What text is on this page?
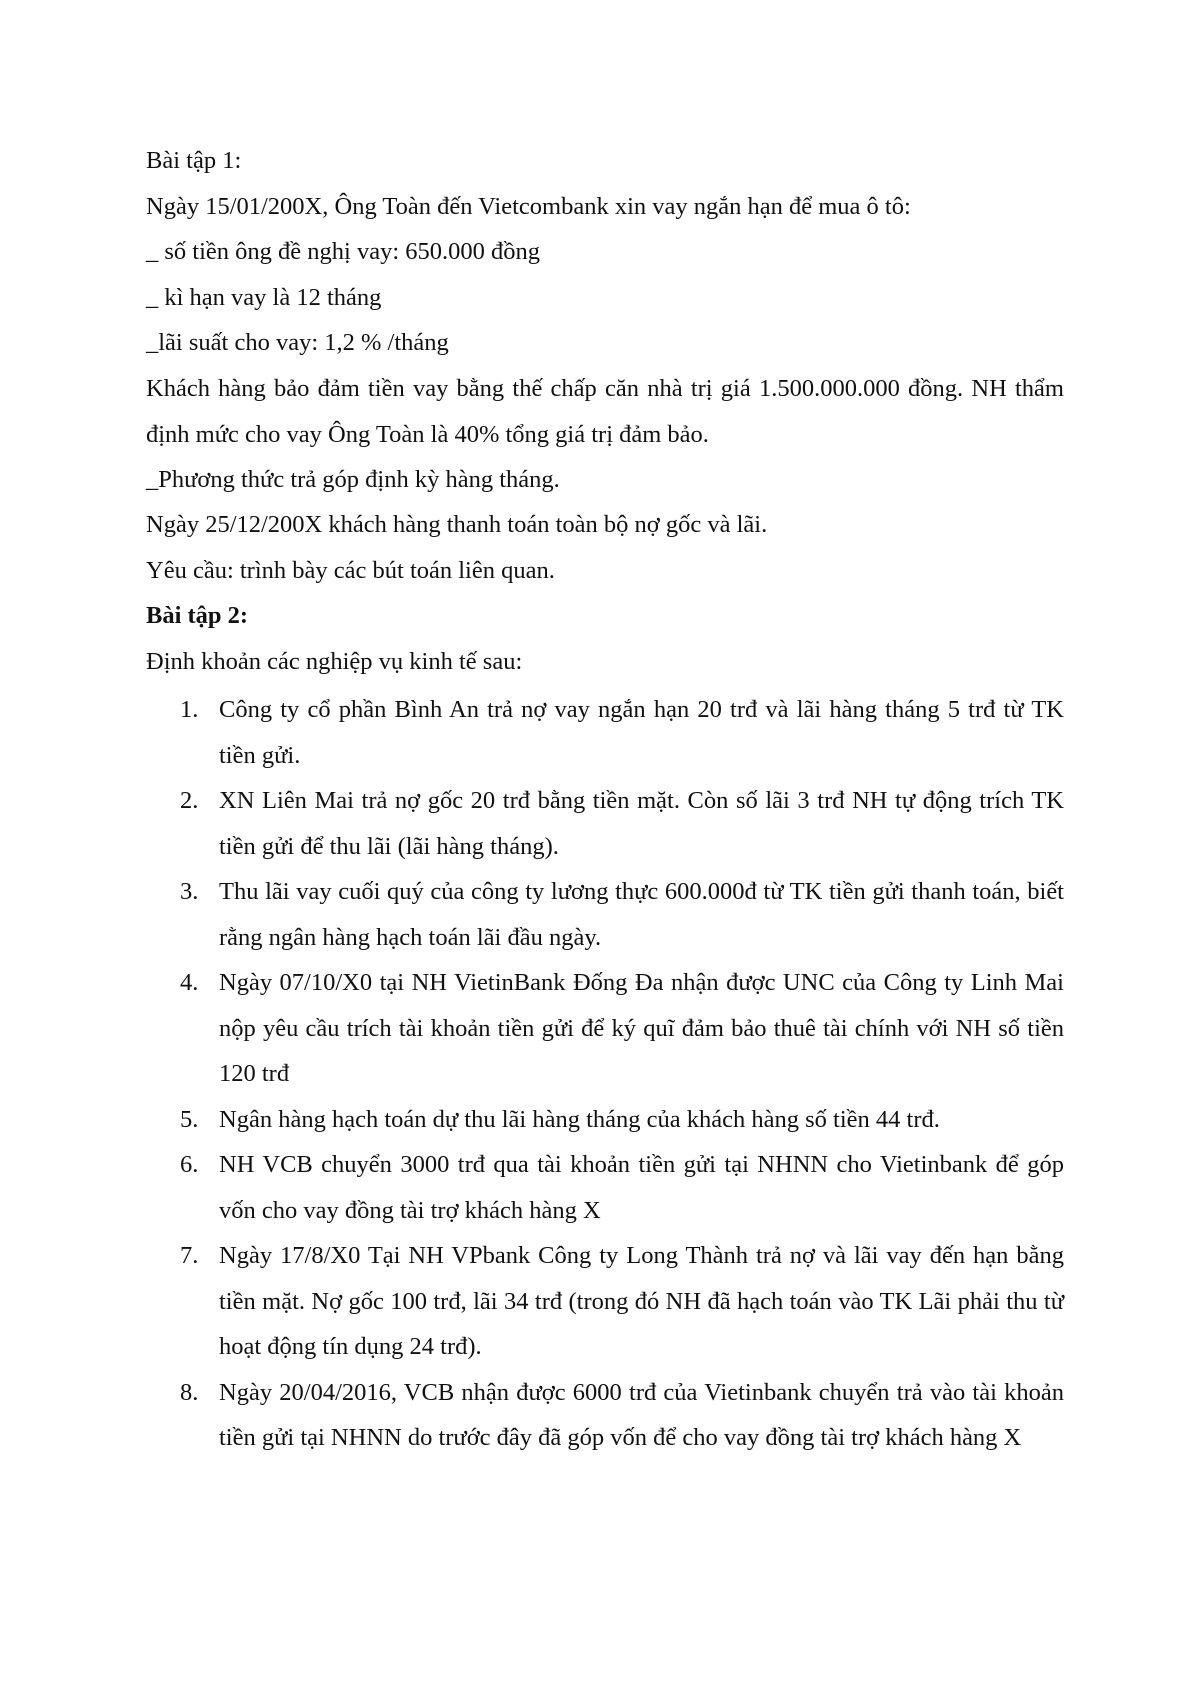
Bài tập 1:
Ngày 15/01/200X, Ông Toàn đến Vietcombank xin vay ngắn hạn để mua ô tô:
_ số tiền ông đề nghị vay: 650.000 đồng
_ kì hạn vay là 12 tháng
_lãi suất cho vay: 1,2 % /tháng
Khách hàng bảo đảm tiền vay bằng thế chấp căn nhà trị giá 1.500.000.000 đồng. NH thẩm định mức cho vay Ông Toàn là 40% tổng giá trị đảm bảo.
_Phương thức trả góp định kỳ hàng tháng.
Ngày 25/12/200X khách hàng thanh toán toàn bộ nợ gốc và lãi.
Yêu cầu: trình bày các bút toán liên quan.
Bài tập 2:
Định khoản các nghiệp vụ kinh tế sau:
1. Công ty cổ phần Bình An trả nợ vay ngắn hạn 20 trđ và lãi hàng tháng 5 trđ từ TK tiền gửi.
2. XN Liên Mai trả nợ gốc 20 trđ bằng tiền mặt. Còn số lãi 3 trđ NH tự động trích TK tiền gửi để thu lãi (lãi hàng tháng).
3. Thu lãi vay cuối quý của công ty lương thực 600.000đ từ TK tiền gửi thanh toán, biết rằng ngân hàng hạch toán lãi đầu ngày.
4. Ngày 07/10/X0 tại NH VietinBank Đống Đa nhận được UNC của Công ty Linh Mai nộp yêu cầu trích tài khoản tiền gửi để ký quĩ đảm bảo thuê tài chính với NH số tiền 120 trđ
5. Ngân hàng hạch toán dự thu lãi hàng tháng của khách hàng số tiền 44 trđ.
6. NH VCB chuyển 3000 trđ qua tài khoản tiền gửi tại NHNN cho Vietinbank để góp vốn cho vay đồng tài trợ khách hàng X
7. Ngày 17/8/X0 Tại NH VPbank Công ty Long Thành trả nợ và lãi vay đến hạn bằng tiền mặt. Nợ gốc 100 trđ, lãi 34 trđ (trong đó NH đã hạch toán vào TK Lãi phải thu từ hoạt động tín dụng 24 trđ).
8. Ngày 20/04/2016, VCB nhận được 6000 trđ của Vietinbank chuyển trả vào tài khoản tiền gửi tại NHNN do trước đây đã góp vốn để cho vay đồng tài trợ khách hàng X
